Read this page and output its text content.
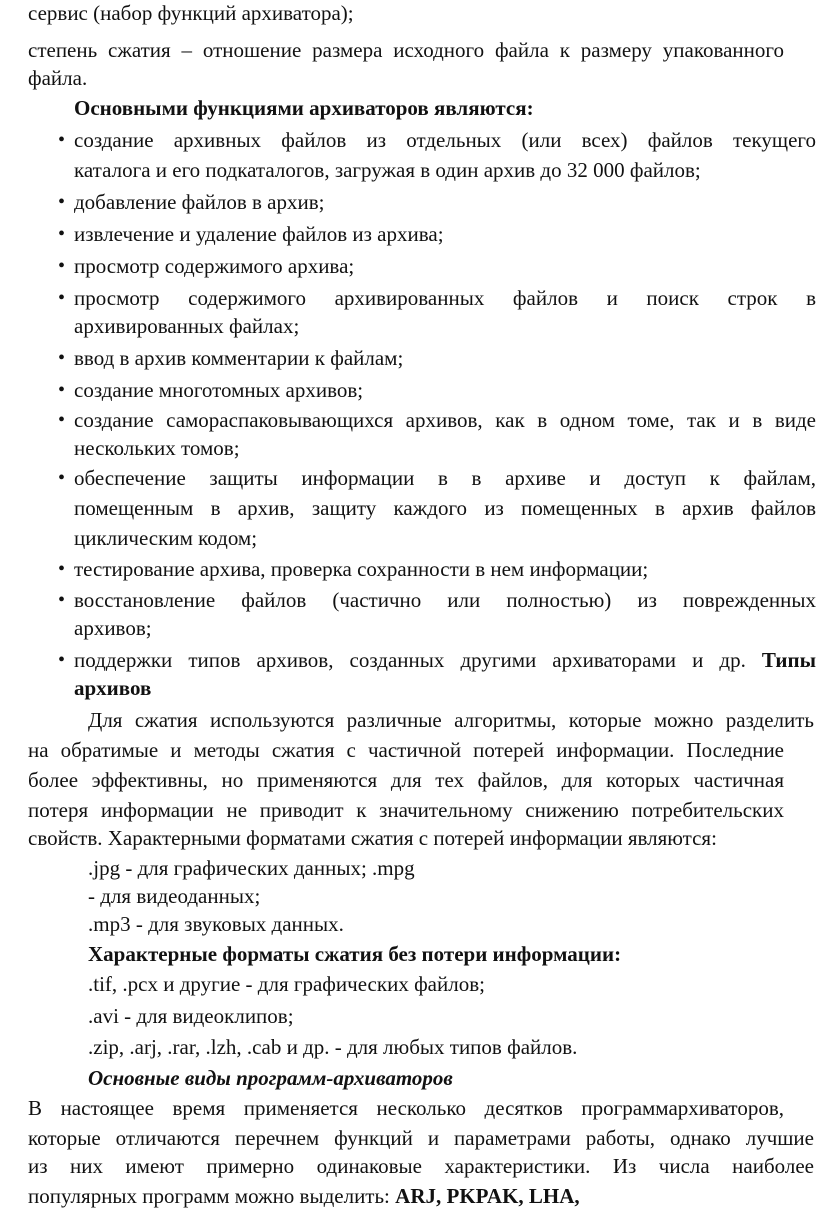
сервис (набор функций архиватора);
степень сжатия – отношение размера исходного файла к размеру упакованного
файла.
Основными функциями архиваторов являются:
• создание архивных файлов из отдельных (или всех) файлов текущего
каталога и его подкаталогов, загружая в один архив до 32 000 файлов;
• добавление файлов в архив;
• извлечение и удаление файлов из архива;
• просмотр содержимого архива;
• просмотр содержимого архивированных файлов и поиск строк в
архивированных файлах;
• ввод в архив комментарии к файлам;
• создание многотомных архивов;
• создание самораспаковывающихся архивов, как в одном томе, так и в виде
нескольких томов;
• обеспечение защиты информации в в архиве и доступ к файлам,
помещенным в архив, защиту каждого из помещенных в архив файлов
циклическим кодом;
• тестирование архива, проверка сохранности в нем информации;
• восстановление файлов (частично или полностью) из поврежденных
архивов;
• поддержки типов архивов, созданных другими архиваторами и др. Типы
архивов
Для сжатия используются различные алгоритмы, которые можно разделить
на обратимые и методы сжатия с частичной потерей информации. Последние
более эффективны, но применяются для тех файлов, для которых частичная
потеря информации не приводит к значительному снижению потребительских
свойств. Характерными форматами сжатия с потерей информации являются:
.jpg - для графических данных; .mpg
- для видеоданных;
.mp3 - для звуковых данных.
Характерные форматы сжатия без потери информации:
.tif, .pcx и другие - для графических файлов;
.avi - для видеоклипов;
.zip, .arj, .rar, .lzh, .cab и др. - для любых типов файлов.
Основные виды программ-архиваторов
В настоящее время применяется несколько десятков программархиваторов,
которые отличаются перечнем функций и параметрами работы, однако лучшие
из них имеют примерно одинаковые характеристики. Из числа наиболее
популярных программ можно выделить: ARJ, PKPAK, LHA,
